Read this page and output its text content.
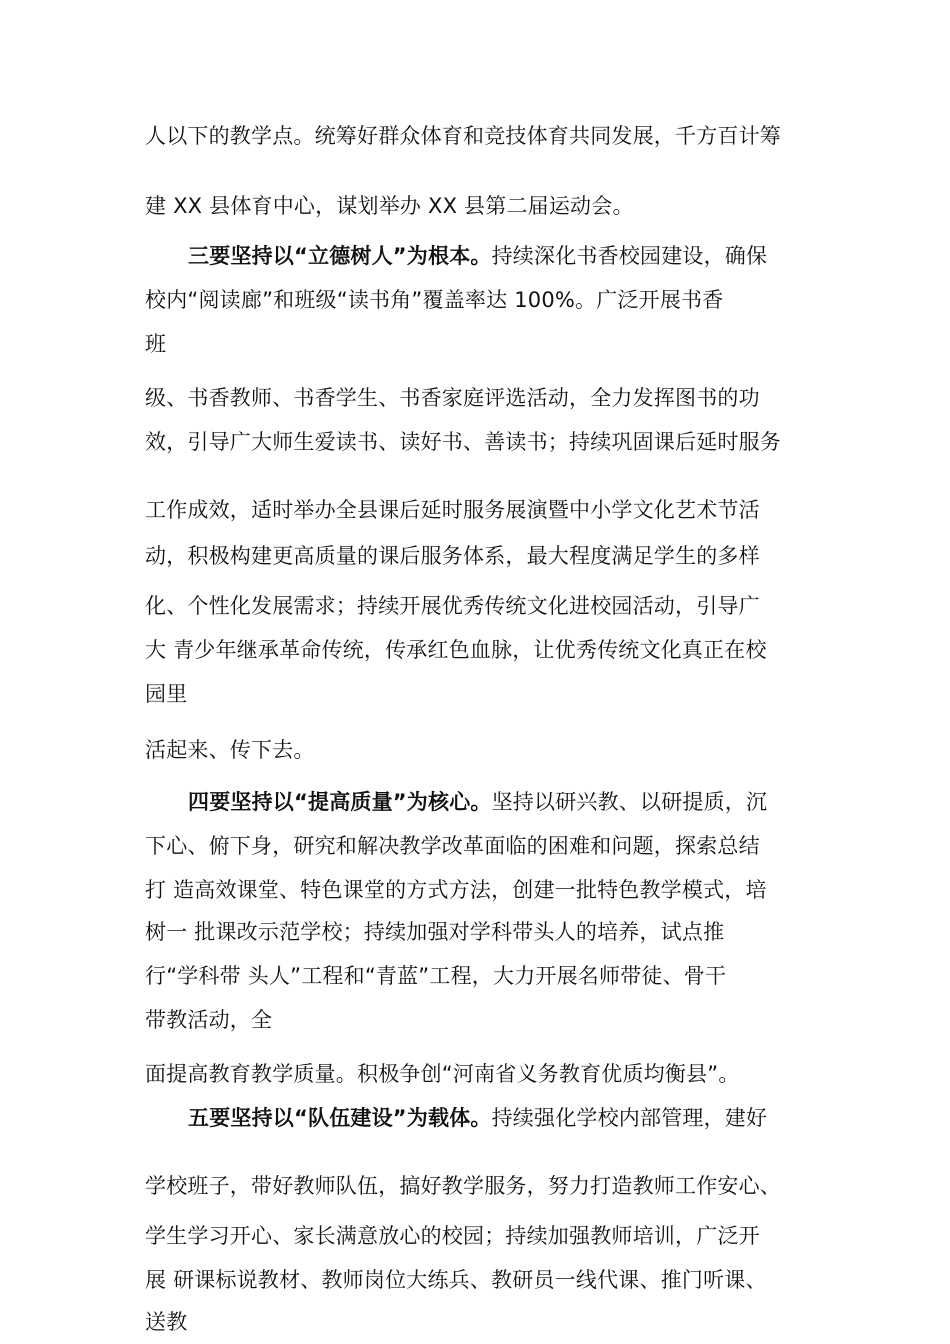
人以下的教学点。统筹好群众体育和竞技体育共同发展，千方百计筹
建 XX 县体育中心，谋划举办 XX 县第二届运动会。
三要坚持以“立德树人”为根本。持续深化书香校园建设，确保
校内“阅读廊”和班级“读书角”覆盖率达 100%。广泛开展书香
班
级、书香教师、书香学生、书香家庭评选活动，全力发挥图书的功
效，引导广大师生爱读书、读好书、善读书；持续巩固课后延时服务
工作成效，适时举办全县课后延时服务展演暨中小学文化艺术节活
动，积极构建更高质量的课后服务体系，最大程度满足学生的多样
化、个性化发展需求；持续开展优秀传统文化进校园活动，引导广
大 青少年继承革命传统，传承红色血脉，让优秀传统文化真正在校
园里
活起来、传下去。
四要坚持以“提高质量”为核心。坚持以研兴教、以研提质，沉
下心、俯下身，研究和解决教学改革面临的困难和问题，探索总结
打 造高效课堂、特色课堂的方式方法，创建一批特色教学模式，培
树一 批课改示范学校；持续加强对学科带头人的培养，试点推
行“学科带 头人”工程和“青蓝”工程，大力开展名师带徒、骨干
带教活动，全
面提高教育教学质量。积极争创“河南省义务教育优质均衡县”。
五要坚持以“队伍建设”为载体。持续强化学校内部管理，建好
学校班子，带好教师队伍，搞好教学服务，努力打造教师工作安心、
学生学习开心、家长满意放心的校园；持续加强教师培训，广泛开
展 研课标说教材、教师岗位大练兵、教研员一线代课、推门听课、
送教
